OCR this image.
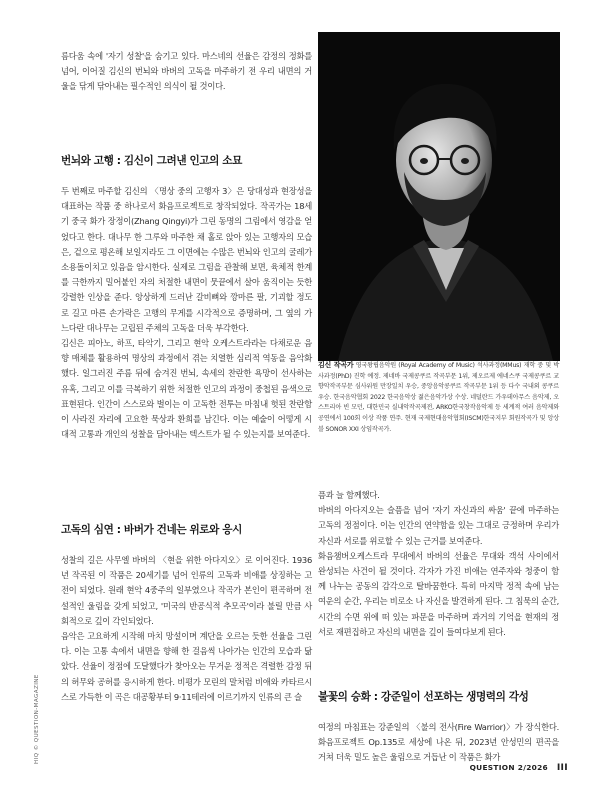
름다움 속에 '자기 성찰'을 숨기고 있다. 마스네의 선율은 감정의 정화를 넘어, 이어질 김신의 번뇌와 바버의 고독을 마주하기 전 우리 내면의 거울을 닦게 닦아내는 필수적인 의식이 될 것이다.

번뇌와 고행 : 김신이 그려낸 인고의 소묘

두 번째로 마주할 김신의 〈명상 중의 고행자 3〉은 당대성과 현장성을 대표하는 작품 중 하나로서 화음프로젝트로 창작되었다. 작곡가는 18세기 중국 화가 장정이(Zhang Qingyi)가 그린 동명의 그림에서 영감을 얻었다고 한다. 대나무 한 그루와 마주한 채 홀로 앉아 있는 고행자의 모습은, 겉으로 평온해 보일지라도 그 이면에는 수많은 번뇌와 인고의 굴레가 소용돌이치고 있음을 암시한다. 실제로 그림을 관찰해 보면, 육체적 한계를 극한까지 밀어붙인 자의 처절한 내면이 뭇끝에서 살아 움직이는 듯한 강렬한 인상을 준다. 앙상하게 드러난 갈비뼈와 깡마른 팔, 기괴할 정도로 길고 마른 손가락은 고행의 무게를 시각적으로 증명하며, 그 옆의 가느다란 대나무는 고립된 주체의 고독을 더욱 부각한다.

김신은 피아노, 하프, 타악기, 그리고 현악 오케스트라라는 다채로운 음향 매체를 활용하여 명상의 과정에서 겪는 치열한 심리적 역동을 음악화했다. 일그러진 주름 뒤에 숨겨진 번뇌, 속세의 찬란한 욕망이 선사하는 유혹, 그리고 이를 극복하기 위한 처절한 인고의 과정이 중첩된 음색으로 표현된다. 인간이 스스로와 벌이는 이 고독한 전투는 마침내 헛된 찬란함이 사라진 자리에 고요한 묵상과 환희를 남긴다. 이는 예술이 어떻게 시대적 고통과 개인의 성찰을 담아내는 텍스트가 될 수 있는지를 보여준다.

고독의 심연 : 바버가 건네는 위로와 응시

성찰의 길은 사무엘 바버의 〈현을 위한 아다지오〉로 이어진다. 1936년 작곡된 이 작품은 20세기를 넘어 인류의 고독과 비애를 상징하는 고전이 되었다. 원래 현악 4중주의 일부였으나 작곡가 본인이 편곡하며 전설적인 울림을 갖게 되었고, '미국의 반공식적 추모곡'이라 불릴 만큼 사회적으로 깊이 각인되었다.

음악은 고요하게 시작해 마치 망설이며 계단을 오르는 듯한 선율을 그린다. 이는 고통 속에서 내면을 향해 한 걸음씩 나아가는 인간의 모습과 닮았다. 선율이 정점에 도달했다가 찾아오는 무거운 정적은 격렬한 감정 뒤의 허무와 공허를 응시하게 한다. 비평가 모린의 말처럼 비애와 카타르시스로 가득한 이 곡은 대공황부터 9·11테러에 이르기까지 인류의 큰 슬

김신 작곡가 영국왕립음악원 (Royal Academy of Music) 석사과정(MMus) 재학 중 및 박사과정(PhD) 진학 예정. 제네바 국제콩쿠르 작곡부문 1위, 제오르제 에네스쿠 국제콩쿠르 교향악작곡부문 심사위원 만장일치 우승, 중앙음악콩쿠르 작곡부문 1위 등 다수 국내외 콩쿠르 우승. 한국음악협회 2022 한국음악상 젊은음악가상 수상. 네덜란드 가우데아무스 음악제, 오스트리아 빈 모던, 대한민국 실내악작곡제전, ARKO한국창작음악제 등 세계적 여러 음악제와 공연에서 100회 이상 작품 연주. 현재 국제현대음악협회(ISCM)한국지부 회원작곡가 및 앙상블 SONOR XXI 상임작곡가.

픔과 늘 함께했다.

바버의 아다지오는 슬픔을 넘어 '자기 자신과의 싸움' 끝에 마주하는 고독의 정점이다. 이는 인간의 연약함을 있는 그대로 긍정하며 우리가 자신과 서로를 위로할 수 있는 근거를 보여준다.

화음챔버오케스트라 무대에서 바버의 선율은 무대와 객석 사이에서 완성되는 사건이 될 것이다. 각자가 가진 비애는 연주자와 청중이 함께 나누는 공동의 감각으로 탈바꿈한다. 특히 마지막 정적 속에 남는 여운의 순간, 우리는 비로소 나 자신을 발견하게 된다. 그 침묵의 순간, 시간의 수면 위에 떠 있는 파문을 마주하며 과거의 기억을 현재의 정서로 재편집하고 자신의 내면을 깊이 들여다보게 된다.

불꽃의 승화 : 강준일이 선포하는 생명력의 각성

여정의 마침표는 강준일의 〈불의 전사(Fire Warrior)〉가 장식한다. 화음프로젝트 Op.135로 세상에 나온 뒤, 2023년 안성민의 편곡을 거쳐 더욱 밀도 높은 울림으로 거듭난 이 작품은 화가

QUESTION 2/2026 III
HIQ © QUESTION-MAGAZINE
